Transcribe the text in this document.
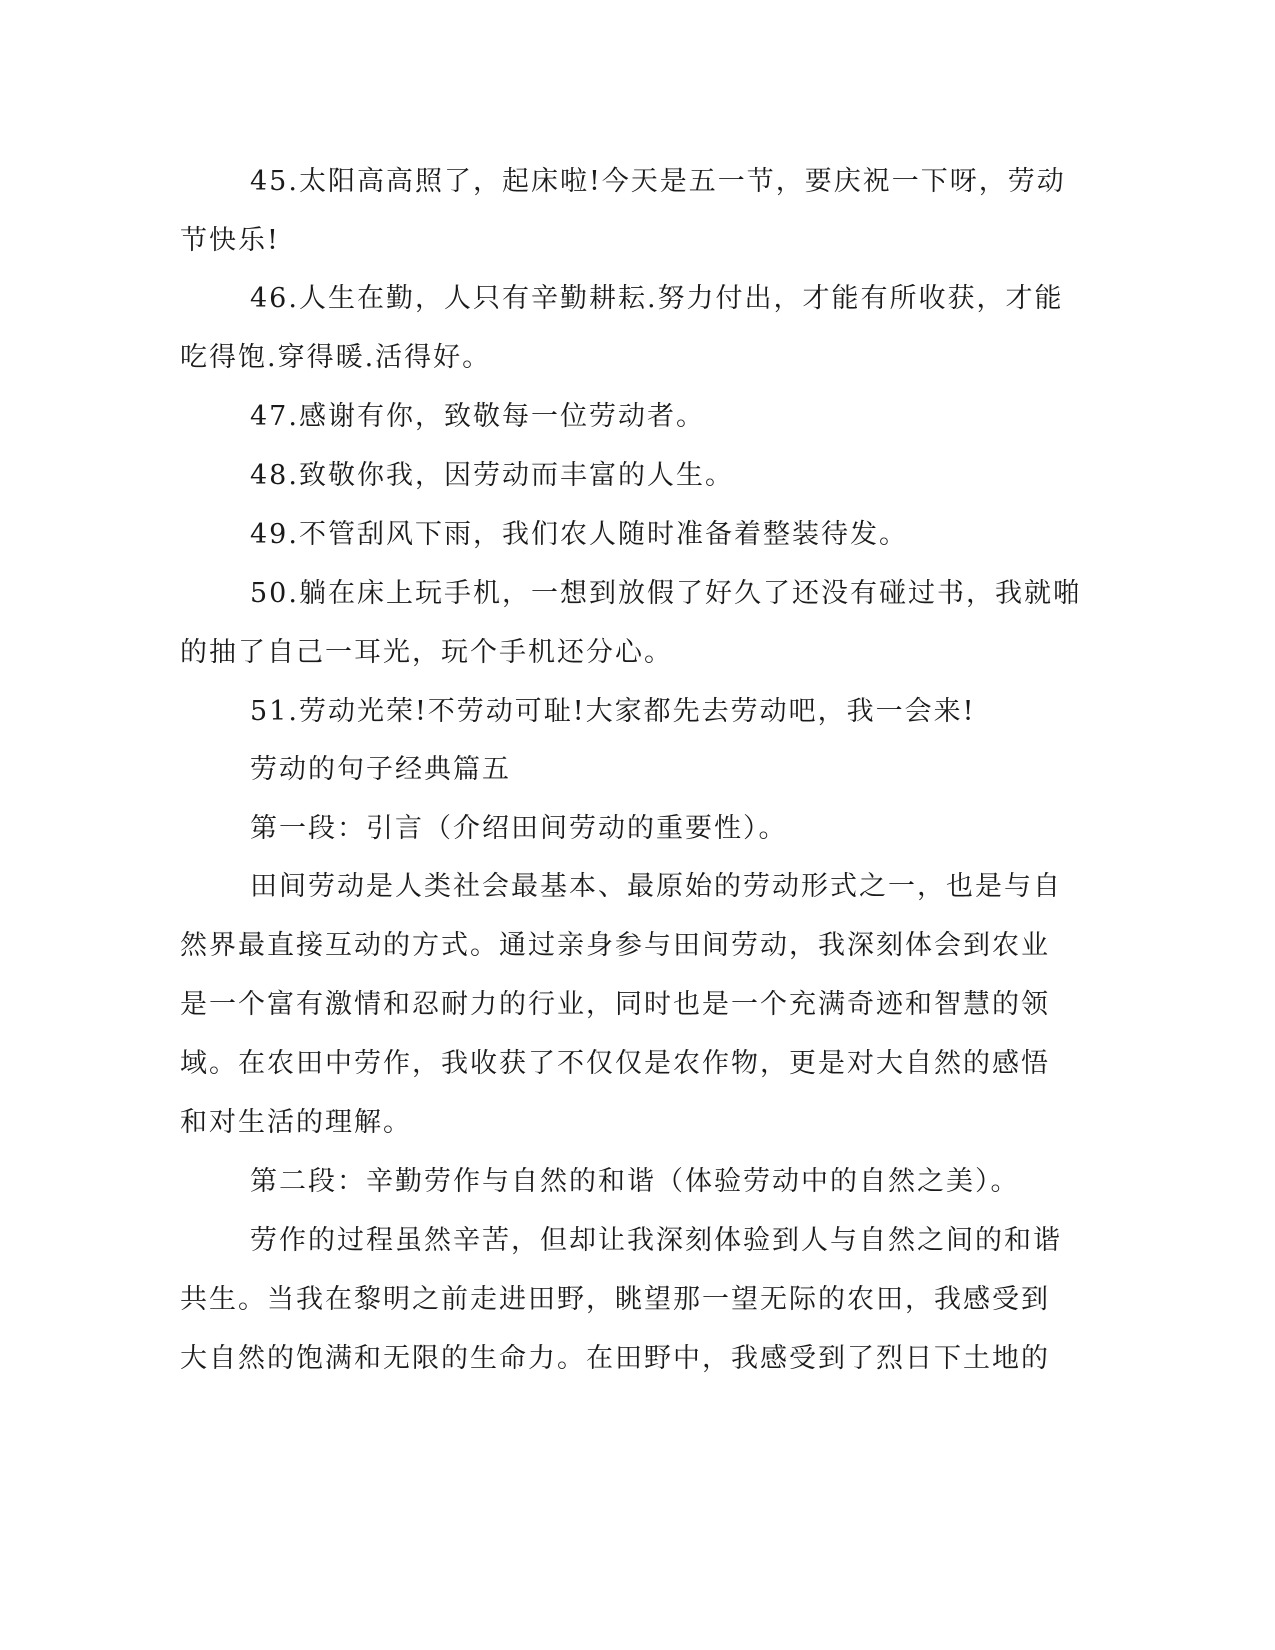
45.太阳高高照了，起床啦!今天是五一节，要庆祝一下呀，劳动
节快乐!
46.人生在勤，人只有辛勤耕耘.努力付出，才能有所收获，才能
吃得饱.穿得暖.活得好。
47.感谢有你，致敬每一位劳动者。
48.致敬你我，因劳动而丰富的人生。
49.不管刮风下雨，我们农人随时准备着整装待发。
50.躺在床上玩手机，一想到放假了好久了还没有碰过书，我就啪
的抽了自己一耳光，玩个手机还分心。
51.劳动光荣!不劳动可耻!大家都先去劳动吧，我一会来!
劳动的句子经典篇五
第一段：引言（介绍田间劳动的重要性）。
田间劳动是人类社会最基本、最原始的劳动形式之一，也是与自
然界最直接互动的方式。通过亲身参与田间劳动，我深刻体会到农业
是一个富有激情和忍耐力的行业，同时也是一个充满奇迹和智慧的领
域。在农田中劳作，我收获了不仅仅是农作物，更是对大自然的感悟
和对生活的理解。
第二段：辛勤劳作与自然的和谐（体验劳动中的自然之美）。
劳作的过程虽然辛苦，但却让我深刻体验到人与自然之间的和谐
共生。当我在黎明之前走进田野，眺望那一望无际的农田，我感受到
大自然的饱满和无限的生命力。在田野中，我感受到了烈日下土地的
